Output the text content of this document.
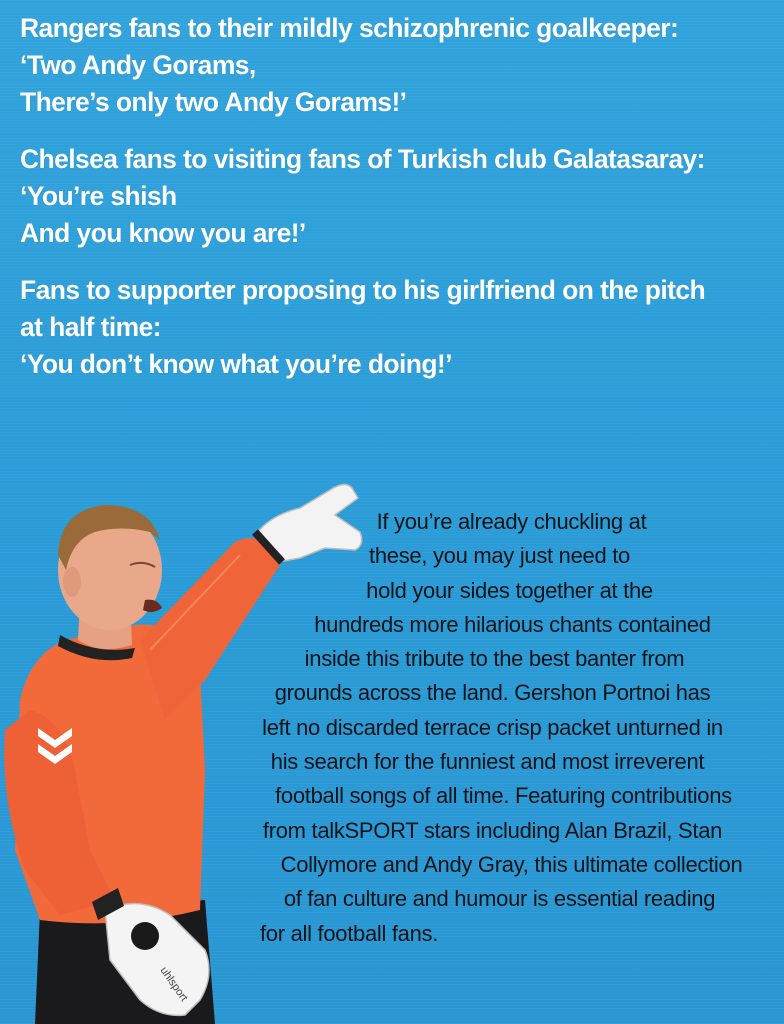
Rangers fans to their mildly schizophrenic goalkeeper:
‘Two Andy Gorams,
There’s only two Andy Gorams!’
Chelsea fans to visiting fans of Turkish club Galatasaray:
‘You’re shish
And you know you are!’
Fans to supporter proposing to his girlfriend on the pitch
at half time:
‘You don’t know what you’re doing!’
uhlsport
If you’re already chuckling at
these, you may just need to
hold your sides together at the
hundreds more hilarious chants contained
inside this tribute to the best banter from
grounds across the land. Gershon Portnoi has
left no discarded terrace crisp packet unturned in
his search for the funniest and most irreverent
football songs of all time. Featuring contributions
from talkSPORT stars including Alan Brazil, Stan
Collymore and Andy Gray, this ultimate collection
of fan culture and humour is essential reading
for all football fans.
